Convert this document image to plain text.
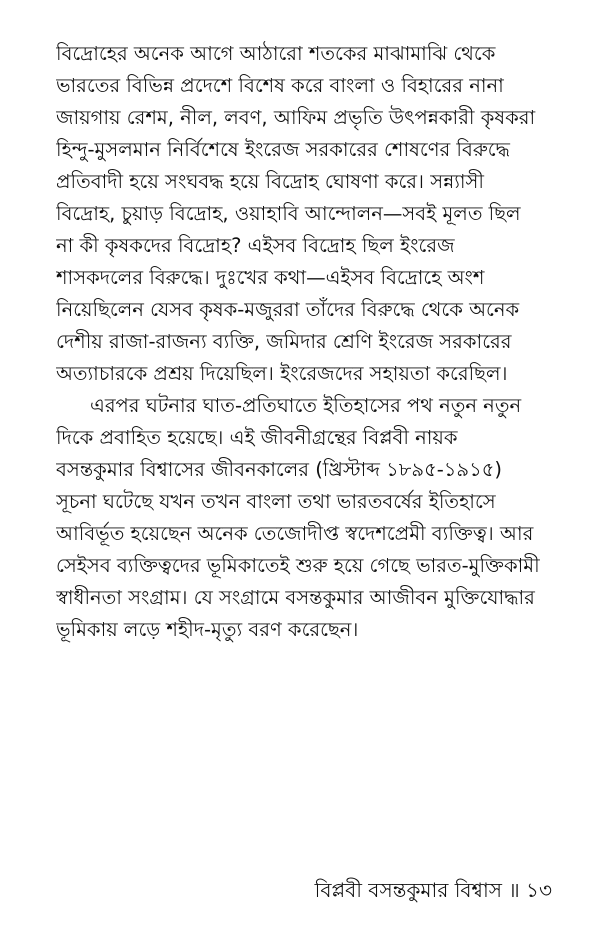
বিদ্রোহের অনেক আগে আঠারো শতকের মাঝামাঝি থেকে
ভারতের বিভিন্ন প্রদেশে বিশেষ করে বাংলা ও বিহারের নানা
জায়গায় রেশম, নীল, লবণ, আফিম প্রভৃতি উৎপন্নকারী কৃষকরা
হিন্দু-মুসলমান নির্বিশেষে ইংরেজ সরকারের শোষণের বিরুদ্ধে
প্রতিবাদী হয়ে সংঘবদ্ধ হয়ে বিদ্রোহ ঘোষণা করে। সন্ন্যাসী
বিদ্রোহ, চুয়াড় বিদ্রোহ, ওয়াহাবি আন্দোলন—সবই মূলত ছিল
না কী কৃষকদের বিদ্রোহ? এইসব বিদ্রোহ ছিল ইংরেজ
শাসকদলের বিরুদ্ধে। দুঃখের কথা—এইসব বিদ্রোহে অংশ
নিয়েছিলেন যেসব কৃষক-মজুররা তাঁদের বিরুদ্ধে থেকে অনেক
দেশীয় রাজা-রাজন্য ব্যক্তি, জমিদার শ্রেণি ইংরেজ সরকারের
অত্যাচারকে প্রশ্রয় দিয়েছিল। ইংরেজদের সহায়তা করেছিল।
এরপর ঘটনার ঘাত-প্রতিঘাতে ইতিহাসের পথ নতুন নতুন
দিকে প্রবাহিত হয়েছে। এই জীবনীগ্রন্থের বিপ্লবী নায়ক
বসন্তকুমার বিশ্বাসের জীবনকালের (খ্রিস্টাব্দ ১৮৯৫-১৯১৫)
সূচনা ঘটেছে যখন তখন বাংলা তথা ভারতবর্ষের ইতিহাসে
আবির্ভূত হয়েছেন অনেক তেজোদীপ্ত স্বদেশপ্রেমী ব্যক্তিত্ব। আর
সেইসব ব্যক্তিত্বদের ভূমিকাতেই শুরু হয়ে গেছে ভারত-মুক্তিকামী
স্বাধীনতা সংগ্রাম। যে সংগ্রামে বসন্তকুমার আজীবন মুক্তিযোদ্ধার
ভূমিকায় লড়ে শহীদ-মৃত্যু বরণ করেছেন।
বিপ্লবী বসন্তকুমার বিশ্বাস ॥ ১৩
